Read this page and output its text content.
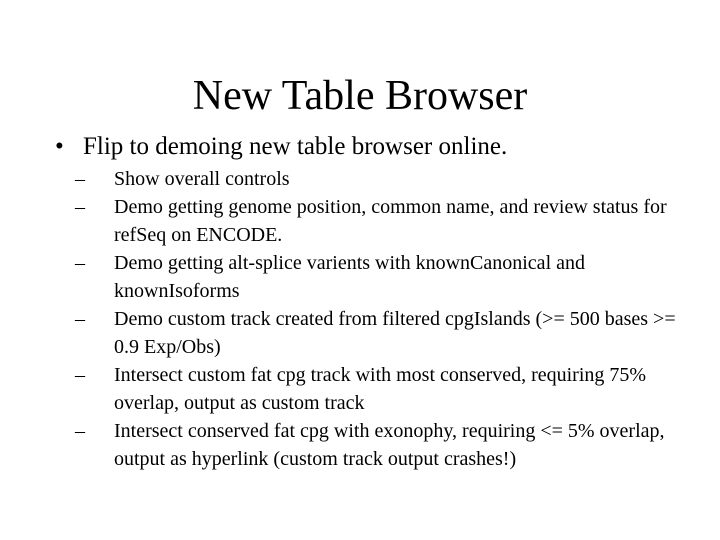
New Table Browser
• Flip to demoing new table browser online.
– Show overall controls
– Demo getting genome position, common name, and review status for refSeq on ENCODE.
– Demo getting alt-splice varients with knownCanonical and knownIsoforms
– Demo custom track created from filtered cpgIslands (>= 500 bases >= 0.9 Exp/Obs)
– Intersect custom fat cpg track with most conserved, requiring 75% overlap, output as custom track
– Intersect conserved fat cpg with exonophy, requiring <= 5% overlap, output as hyperlink (custom track output crashes!)
